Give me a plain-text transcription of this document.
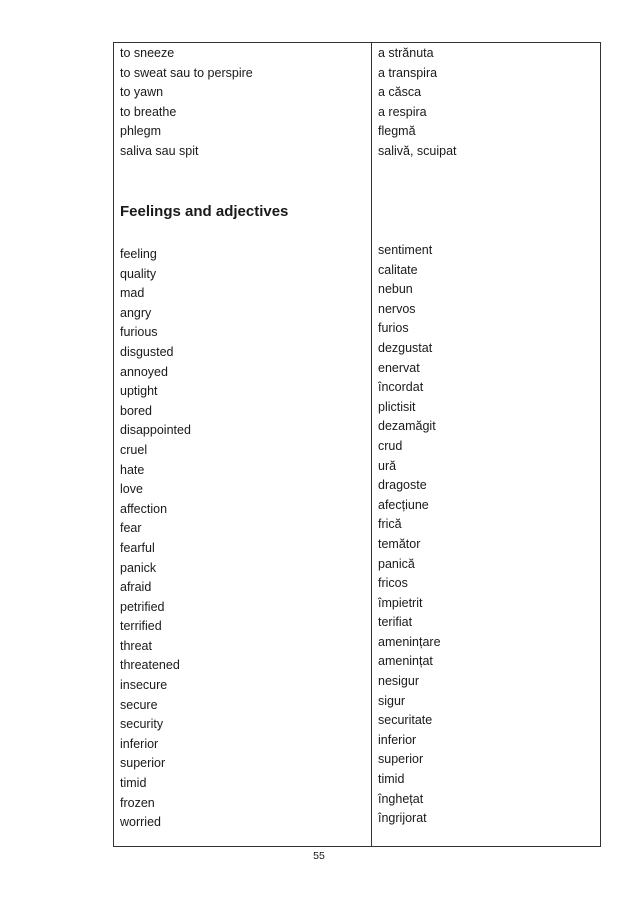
to sneeze
to sweat sau to perspire
to yawn
to breathe
phlegm
saliva sau spit
a strănuta
a transpira
a căsca
a respira
flegmă
salivă, scuipat
Feelings and adjectives
feeling
quality
mad
angry
furious
disgusted
annoyed
uptight
bored
disappointed
cruel
hate
love
affection
fear
fearful
panick
afraid
petrified
terrified
threat
threatened
insecure
secure
security
inferior
superior
timid
frozen
worried
sentiment
calitate
nebun
nervos
furios
dezgustat
enervat
încordat
plictisit
dezamăgit
crud
ură
dragoste
afecțiune
frică
temător
panică
fricos
împietrit
terifiat
amenințare
amenințat
nesigur
sigur
securitate
inferior
superior
timid
înghețat
îngrijorat
55
